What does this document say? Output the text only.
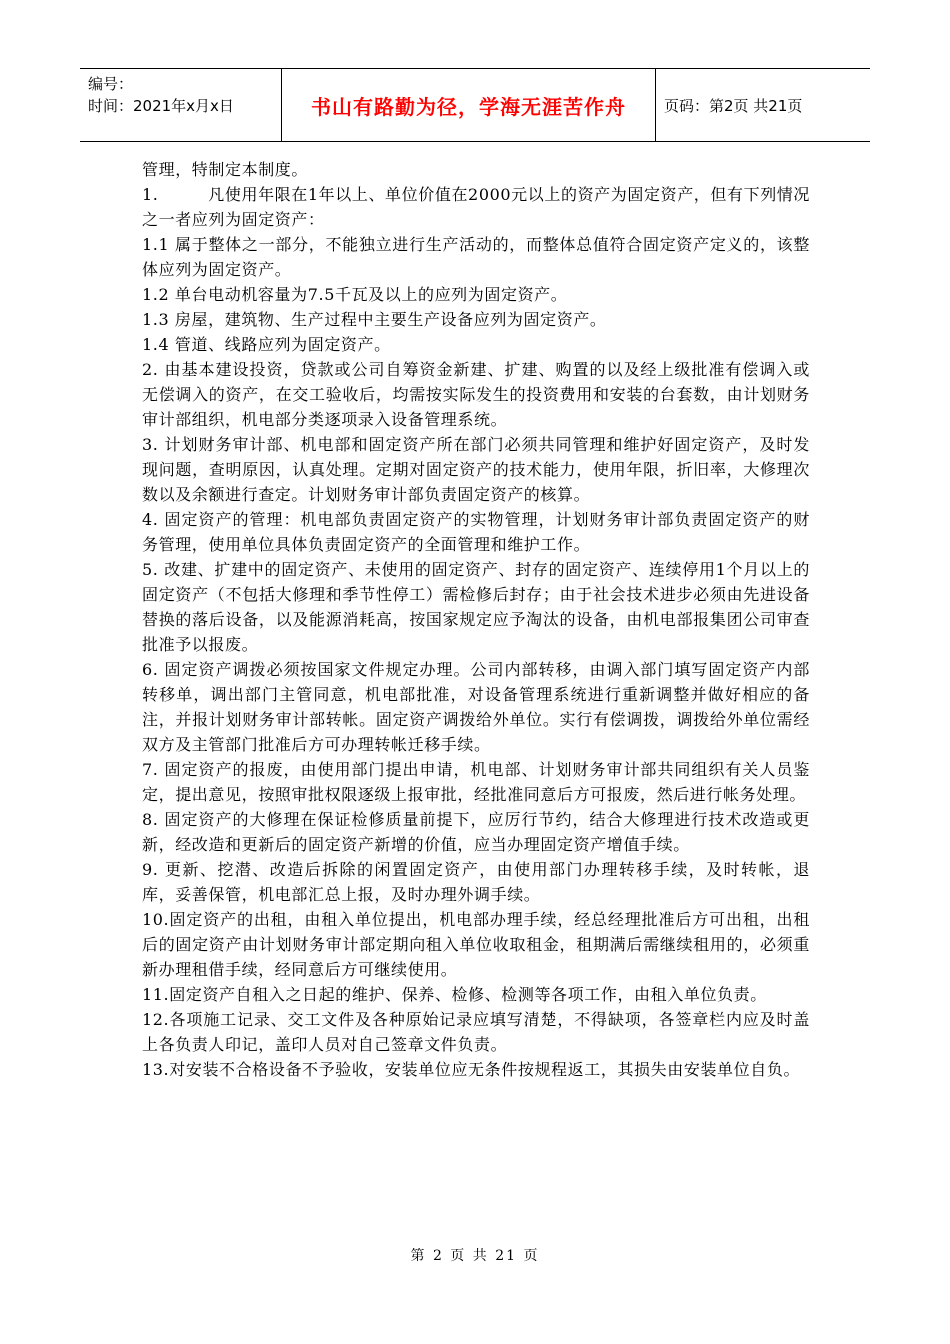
编号：
时间：2021年x月x日	书山有路勤为径，学海无涯苦作舟	页码：第2页 共21页

管理，特制定本制度。

1.　　　凡使用年限在1年以上、单位价值在2000元以上的资产为固定资产，但有下列情况之一者应列为固定资产：

1.1 属于整体之一部分，不能独立进行生产活动的，而整体总值符合固定资产定义的，该整体应列为固定资产。

1.2 单台电动机容量为7.5千瓦及以上的应列为固定资产。

1.3 房屋，建筑物、生产过程中主要生产设备应列为固定资产。

1.4 管道、线路应列为固定资产。

2. 由基本建设投资，贷款或公司自筹资金新建、扩建、购置的以及经上级批准有偿调入或无偿调入的资产，在交工验收后，均需按实际发生的投资费用和安装的台套数，由计划财务审计部组织，机电部分类逐项录入设备管理系统。

3. 计划财务审计部、机电部和固定资产所在部门必须共同管理和维护好固定资产，及时发现问题，查明原因，认真处理。定期对固定资产的技术能力，使用年限，折旧率，大修理次数以及余额进行查定。计划财务审计部负责固定资产的核算。

4. 固定资产的管理：机电部负责固定资产的实物管理，计划财务审计部负责固定资产的财务管理，使用单位具体负责固定资产的全面管理和维护工作。

5. 改建、扩建中的固定资产、未使用的固定资产、封存的固定资产、连续停用1个月以上的固定资产（不包括大修理和季节性停工）需检修后封存；由于社会技术进步必须由先进设备替换的落后设备，以及能源消耗高，按国家规定应予淘汰的设备，由机电部报集团公司审查批准予以报废。

6. 固定资产调拨必须按国家文件规定办理。公司内部转移，由调入部门填写固定资产内部转移单，调出部门主管同意，机电部批准，对设备管理系统进行重新调整并做好相应的备注，并报计划财务审计部转帐。固定资产调拨给外单位。实行有偿调拨，调拨给外单位需经双方及主管部门批准后方可办理转帐迁移手续。

7. 固定资产的报废，由使用部门提出申请，机电部、计划财务审计部共同组织有关人员鉴定，提出意见，按照审批权限逐级上报审批，经批准同意后方可报废，然后进行帐务处理。

8. 固定资产的大修理在保证检修质量前提下，应厉行节约，结合大修理进行技术改造或更新，经改造和更新后的固定资产新增的价值，应当办理固定资产增值手续。

9. 更新、挖潜、改造后拆除的闲置固定资产，由使用部门办理转移手续，及时转帐，退库，妥善保管，机电部汇总上报，及时办理外调手续。

10.固定资产的出租，由租入单位提出，机电部办理手续，经总经理批准后方可出租，出租后的固定资产由计划财务审计部定期向租入单位收取租金，租期满后需继续租用的，必须重新办理租借手续，经同意后方可继续使用。

11.固定资产自租入之日起的维护、保养、检修、检测等各项工作，由租入单位负责。

12.各项施工记录、交工文件及各种原始记录应填写清楚，不得缺项，各签章栏内应及时盖上各负责人印记，盖印人员对自己签章文件负责。

13.对安装不合格设备不予验收，安装单位应无条件按规程返工，其损失由安装单位自负。

第 2 页 共 21 页
